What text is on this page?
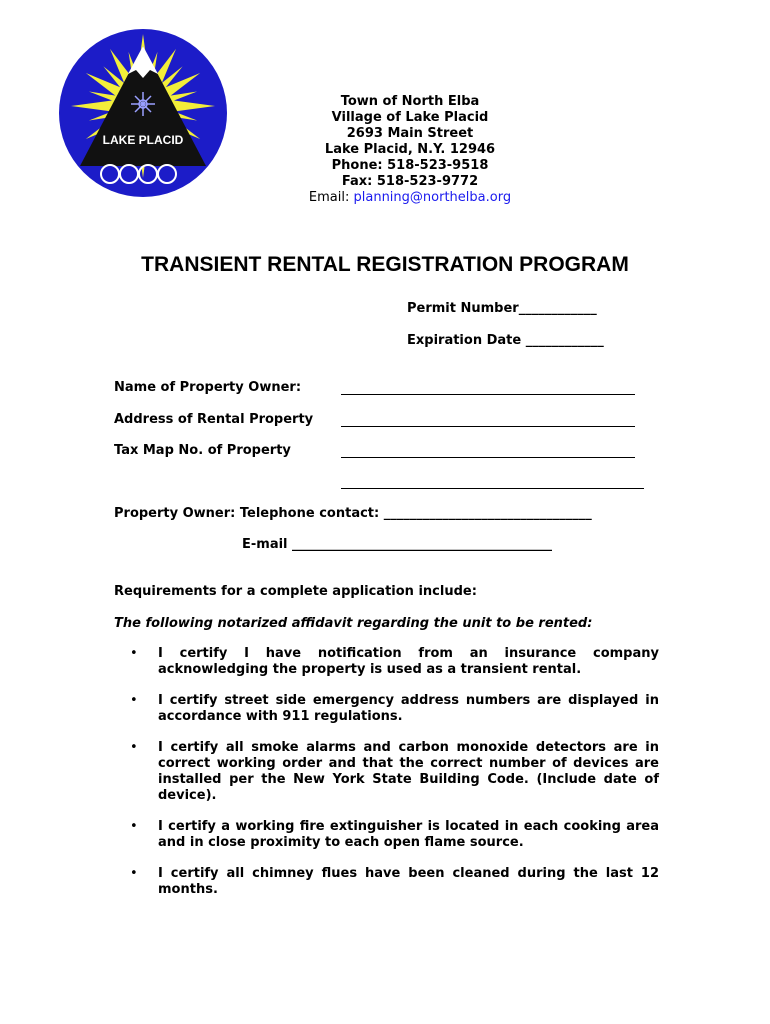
LAKE PLACID
Town of North Elba
Village of Lake Placid
2693 Main Street
Lake Placid, N.Y. 12946
Phone: 518-523-9518
Fax: 518-523-9772
Email: planning@northelba.org
TRANSIENT RENTAL REGISTRATION PROGRAM
Permit Number____________
Expiration Date ____________
Name of Property Owner:
Address of Rental Property
Tax Map No. of Property
Property Owner: Telephone contact: ________________________________
E-mail ________________________________________
Requirements for a complete application include:
The following notarized affidavit regarding the unit to be rented:
• I certify I have notification from an insurance company acknowledging the property is used as a transient rental.
• I certify street side emergency address numbers are displayed in accordance with 911 regulations.
• I certify all smoke alarms and carbon monoxide detectors are in correct working order and that the correct number of devices are installed per the New York State Building Code. (Include date of device).
• I certify a working fire extinguisher is located in each cooking area and in close proximity to each open flame source.
• I certify all chimney flues have been cleaned during the last 12 months.
